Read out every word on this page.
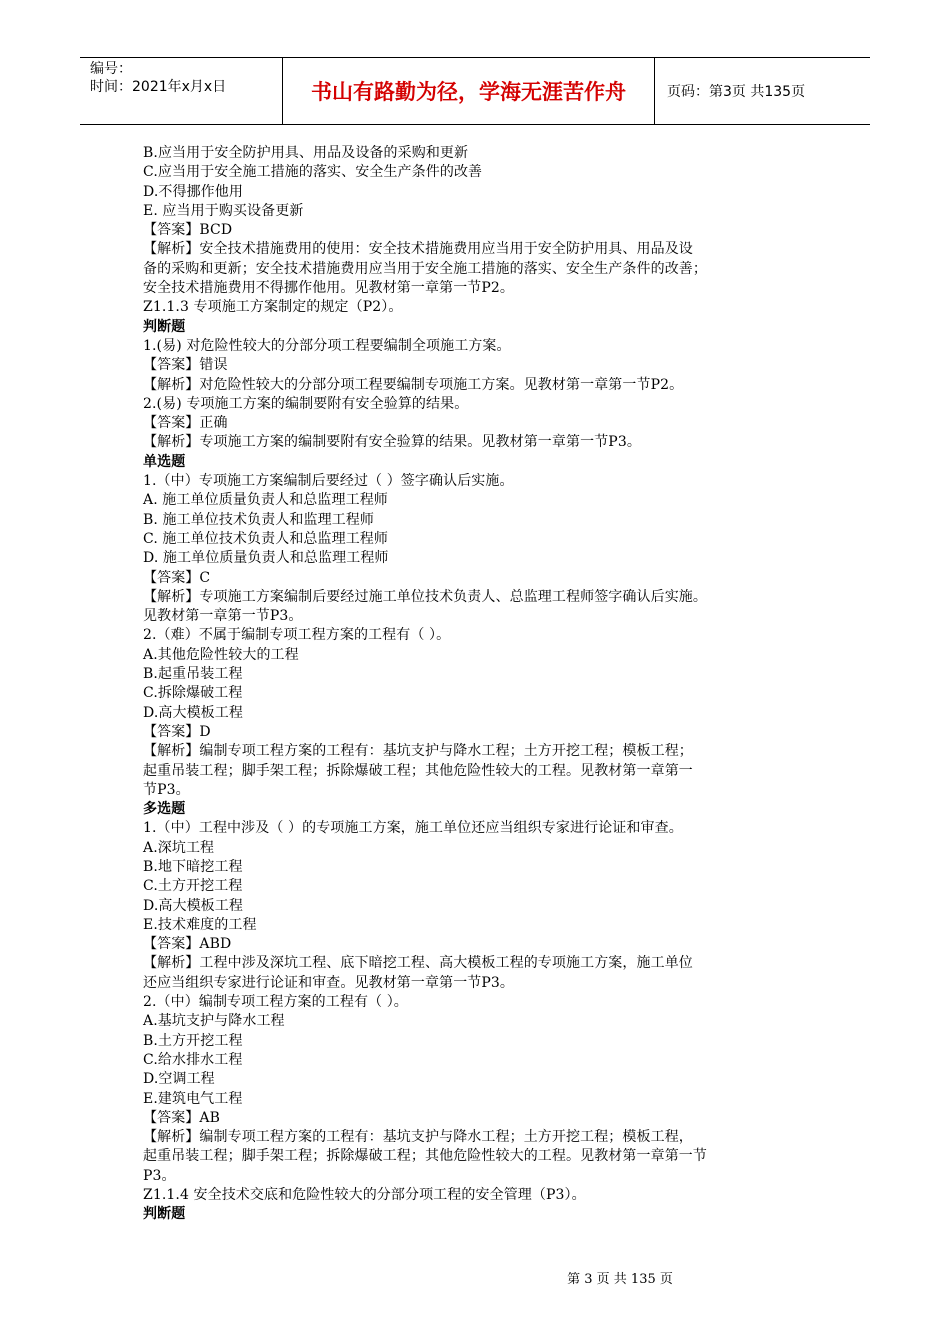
编号：
时间：2021年x月x日	书山有路勤为径，学海无涯苦作舟	页码：第3页 共135页
B.应当用于安全防护用具、用品及设备的采购和更新
C.应当用于安全施工措施的落实、安全生产条件的改善
D.不得挪作他用
E. 应当用于购买设备更新
【答案】BCD
【解析】安全技术措施费用的使用：安全技术措施费用应当用于安全防护用具、用品及设
备的采购和更新；安全技术措施费用应当用于安全施工措施的落实、安全生产条件的改善；
安全技术措施费用不得挪作他用。见教材第一章第一节P2。
Z1.1.3 专项施工方案制定的规定（P2）。
判断题
1.(易) 对危险性较大的分部分项工程要编制全项施工方案。
【答案】错误
【解析】对危险性较大的分部分项工程要编制专项施工方案。见教材第一章第一节P2。
2.(易) 专项施工方案的编制要附有安全验算的结果。
【答案】正确
【解析】专项施工方案的编制要附有安全验算的结果。见教材第一章第一节P3。
单选题
1.（中）专项施工方案编制后要经过（ ）签字确认后实施。
A. 施工单位质量负责人和总监理工程师
B. 施工单位技术负责人和监理工程师
C. 施工单位技术负责人和总监理工程师
D. 施工单位质量负责人和总监理工程师
【答案】C
【解析】专项施工方案编制后要经过施工单位技术负责人、总监理工程师签字确认后实施。
见教材第一章第一节P3。
2.（难）不属于编制专项工程方案的工程有（ ）。
A.其他危险性较大的工程
B.起重吊装工程
C.拆除爆破工程
D.高大模板工程
【答案】D
【解析】编制专项工程方案的工程有：基坑支护与降水工程；土方开挖工程；模板工程；
起重吊装工程；脚手架工程；拆除爆破工程；其他危险性较大的工程。见教材第一章第一
节P3。
多选题
1.（中）工程中涉及（ ）的专项施工方案，施工单位还应当组织专家进行论证和审查。
A.深坑工程
B.地下暗挖工程
C.土方开挖工程
D.高大模板工程
E.技术难度的工程
【答案】ABD
【解析】工程中涉及深坑工程、底下暗挖工程、高大模板工程的专项施工方案，施工单位
还应当组织专家进行论证和审查。见教材第一章第一节P3。
2.（中）编制专项工程方案的工程有（ ）。
A.基坑支护与降水工程
B.土方开挖工程
C.给水排水工程
D.空调工程
E.建筑电气工程
【答案】AB
【解析】编制专项工程方案的工程有：基坑支护与降水工程；土方开挖工程；模板工程，
起重吊装工程；脚手架工程；拆除爆破工程；其他危险性较大的工程。见教材第一章第一节
P3。
Z1.1.4 安全技术交底和危险性较大的分部分项工程的安全管理（P3）。
判断题
第 3 页 共 135 页
